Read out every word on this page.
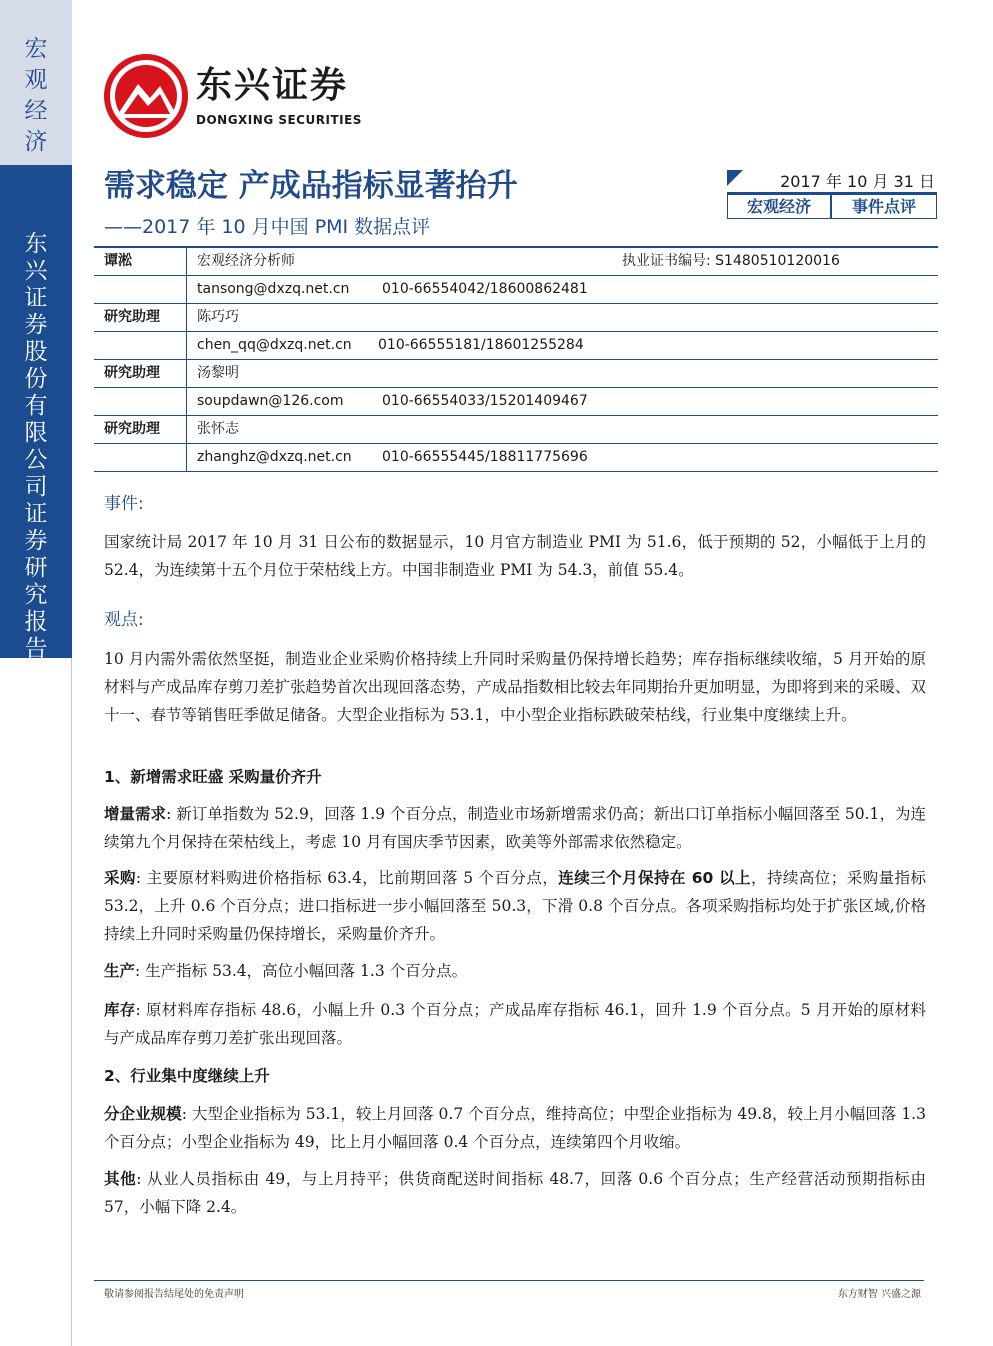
宏观经济
东兴证券股份有限公司证券研究报告
东兴证券
DONGXING SECURITIES
需求稳定 产成品指标显著抬升
——2017 年 10 月中国 PMI 数据点评
2017 年 10 月 31 日
宏观经济	事件点评
谭淞	宏观经济分析师	执业证书编号: S1480510120016
tansong@dxzq.net.cn 010-66554042/18600862481
研究助理	陈巧巧
chen_qq@dxzq.net.cn 010-66555181/18601255284
研究助理	汤黎明
soupdawn@126.com	010-66554033/15201409467
研究助理	张怀志
zhanghz@dxzq.net.cn 010-66555445/18811775696
事件:
国家统计局 2017 年 10 月 31 日公布的数据显示，10 月官方制造业 PMI 为 51.6，低于预期的 52，小幅低于上月的 52.4，为连续第十五个月位于荣枯线上方。中国非制造业 PMI 为 54.3，前值 55.4。
观点:
10 月内需外需依然坚挺，制造业企业采购价格持续上升同时采购量仍保持增长趋势；库存指标继续收缩，5 月开始的原材料与产成品库存剪刀差扩张趋势首次出现回落态势，产成品指数相比较去年同期抬升更加明显，为即将到来的采暖、双十一、春节等销售旺季做足储备。大型企业指标为 53.1，中小型企业指标跌破荣枯线，行业集中度继续上升。
1、新增需求旺盛 采购量价齐升
增量需求: 新订单指数为 52.9，回落 1.9 个百分点，制造业市场新增需求仍高；新出口订单指标小幅回落至 50.1，为连续第九个月保持在荣枯线上，考虑 10 月有国庆季节因素，欧美等外部需求依然稳定。
采购: 主要原材料购进价格指标 63.4，比前期回落 5 个百分点，连续三个月保持在 60 以上，持续高位；采购量指标 53.2，上升 0.6 个百分点；进口指标进一步小幅回落至 50.3，下滑 0.8 个百分点。各项采购指标均处于扩张区域,价格持续上升同时采购量仍保持增长，采购量价齐升。
生产: 生产指标 53.4，高位小幅回落 1.3 个百分点。
库存: 原材料库存指标 48.6，小幅上升 0.3 个百分点；产成品库存指标 46.1，回升 1.9 个百分点。5 月开始的原材料与产成品库存剪刀差扩张出现回落。
2、行业集中度继续上升
分企业规模: 大型企业指标为 53.1，较上月回落 0.7 个百分点，维持高位；中型企业指标为 49.8，较上月小幅回落 1.3 个百分点；小型企业指标为 49，比上月小幅回落 0.4 个百分点，连续第四个月收缩。
其他: 从业人员指标由 49，与上月持平；供货商配送时间指标 48.7，回落 0.6 个百分点；生产经营活动预期指标由 57，小幅下降 2.4。
敬请参阅报告结尾处的免责声明	东方财智 兴盛之源
